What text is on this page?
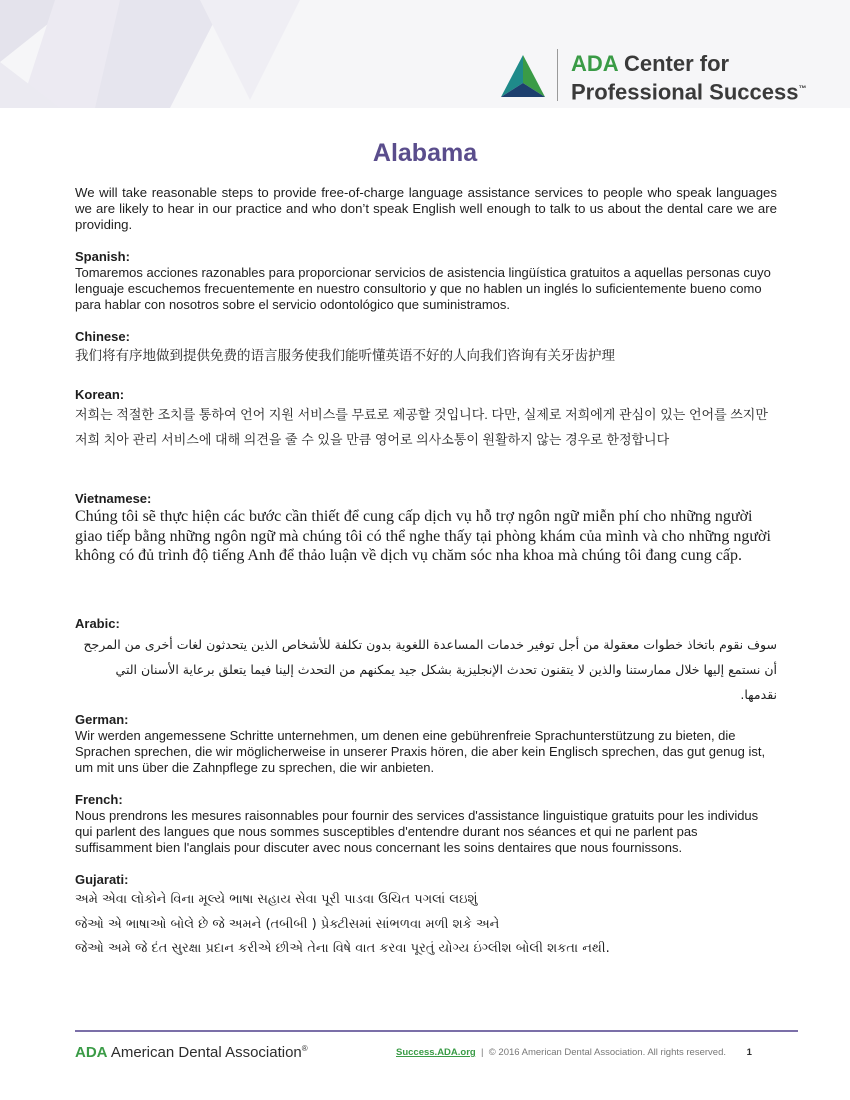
ADA Center for
Professional Success™
Alabama
We will take reasonable steps to provide free-of-charge language assistance services to people who speak languages we are likely to hear in our practice and who don’t speak English well enough to talk to us about the dental care we are providing.
Spanish:
Tomaremos acciones razonables para proporcionar servicios de asistencia lingüística gratuitos a aquellas personas cuyo lenguaje escuchemos frecuentemente en nuestro consultorio y que no hablen un inglés lo suficientemente bueno como para hablar con nosotros sobre el servicio odontológico que suministramos.
Chinese:
我们将有序地做到提供免费的语言服务使我们能听懂英语不好的人向我们咨询有关牙齿护理
Korean:
저희는 적절한 조치를 통하여 언어 지원 서비스를 무료로 제공할 것입니다. 다만, 실제로 저희에게 관심이 있는 언어를 쓰지만 저희 치아 관리 서비스에 대해 의견을 줄 수 있을 만큼 영어로 의사소통이 원활하지 않는 경우로 한정합니다
Vietnamese:
Chúng tôi sẽ thực hiện các bước cần thiết để cung cấp dịch vụ hỗ trợ ngôn ngữ miễn phí cho những người giao tiếp bằng những ngôn ngữ mà chúng tôi có thể nghe thấy tại phòng khám của mình và cho những người không có đủ trình độ tiếng Anh để thảo luận về dịch vụ chăm sóc nha khoa mà chúng tôi đang cung cấp.
Arabic:
سوف نقوم باتخاذ خطوات معقولة من أجل توفير خدمات المساعدة اللغوية بدون تكلفة للأشخاص الذين يتحدثون لغات أخرى من المرجح أن نستمع إليها خلال ممارستنا والذين لا يتقنون تحدث الإنجليزية بشكل جيد يمكنهم من التحدث إلينا فيما يتعلق برعاية الأسنان التي نقدمها.
German:
Wir werden angemessene Schritte unternehmen, um denen eine gebührenfreie Sprachunterstützung zu bieten, die Sprachen sprechen, die wir möglicherweise in unserer Praxis hören, die aber kein Englisch sprechen, das gut genug ist, um mit uns über die Zahnpflege zu sprechen, die wir anbieten.
French:
Nous prendrons les mesures raisonnables pour fournir des services d'assistance linguistique gratuits pour les individus qui parlent des langues que nous sommes susceptibles d'entendre durant nos séances et qui ne parlent pas suffisamment bien l'anglais pour discuter avec nous concernant les soins dentaires que nous fournissons.
Gujarati:
અમે એવા લોકોને વિના મૂલ્યે ભાષા સહાય સેવા પૂરી પાડવા ઉચિત પગલાં લઇશું
જેઓ એ ભાષાઓ બોલે છે જે અમને (તબીબી ) પ્રેક્ટીસમાં સાંભળવા મળી શકે અને
જેઓ અમે જે દંત સુરક્ષા પ્રદાન કરીએ છીએ તેના વિષે વાત કરવા પૂરતું યોગ્ય ઇંગ્લીશ બોલી શકતા નથી.
ADA American Dental Association®	Success.ADA.org | © 2016 American Dental Association. All rights reserved. 1
